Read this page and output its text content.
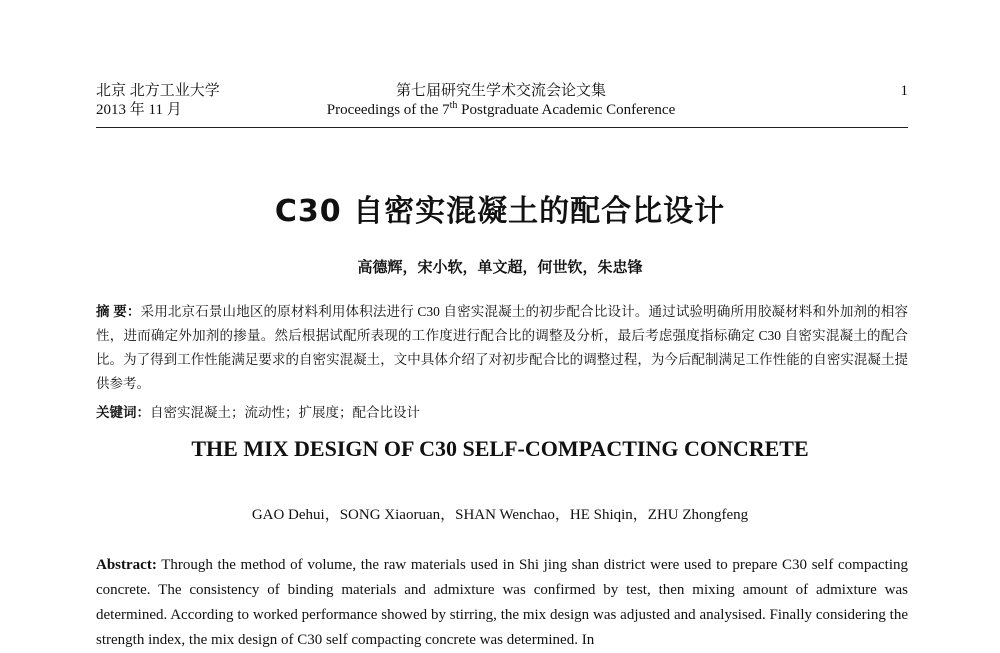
北京 北方工业大学
2013 年 11 月
第七届研究生学术交流会论文集
Proceedings of the 7th Postgraduate Academic Conference
1
C30 自密实混凝土的配合比设计
高德辉，宋小软，单文超，何世钦，朱忠锋
摘 要：采用北京石景山地区的原材料利用体积法进行 C30 自密实混凝土的初步配合比设计。通过试验明确所用胶凝材料和外加剂的相容性，进而确定外加剂的掺量。然后根据试配所表现的工作度进行配合比的调整及分析，最后考虑强度指标确定 C30 自密实混凝土的配合比。为了得到工作性能满足要求的自密实混凝土，文中具体介绍了对初步配合比的调整过程，为今后配制满足工作性能的自密实混凝土提供参考。
关键词：自密实混凝土；流动性；扩展度；配合比设计
THE MIX DESIGN OF C30 SELF-COMPACTING CONCRETE
GAO Dehui，SONG Xiaoruan，SHAN Wenchao，HE Shiqin，ZHU Zhongfeng
Abstract: Through the method of volume, the raw materials used in Shi jing shan district were used to prepare C30 self compacting concrete. The consistency of binding materials and admixture was confirmed by test, then mixing amount of admixture was determined. According to worked performance showed by stirring, the mix design was adjusted and analysised. Finally considering the strength index, the mix design of C30 self compacting concrete was determined. In
